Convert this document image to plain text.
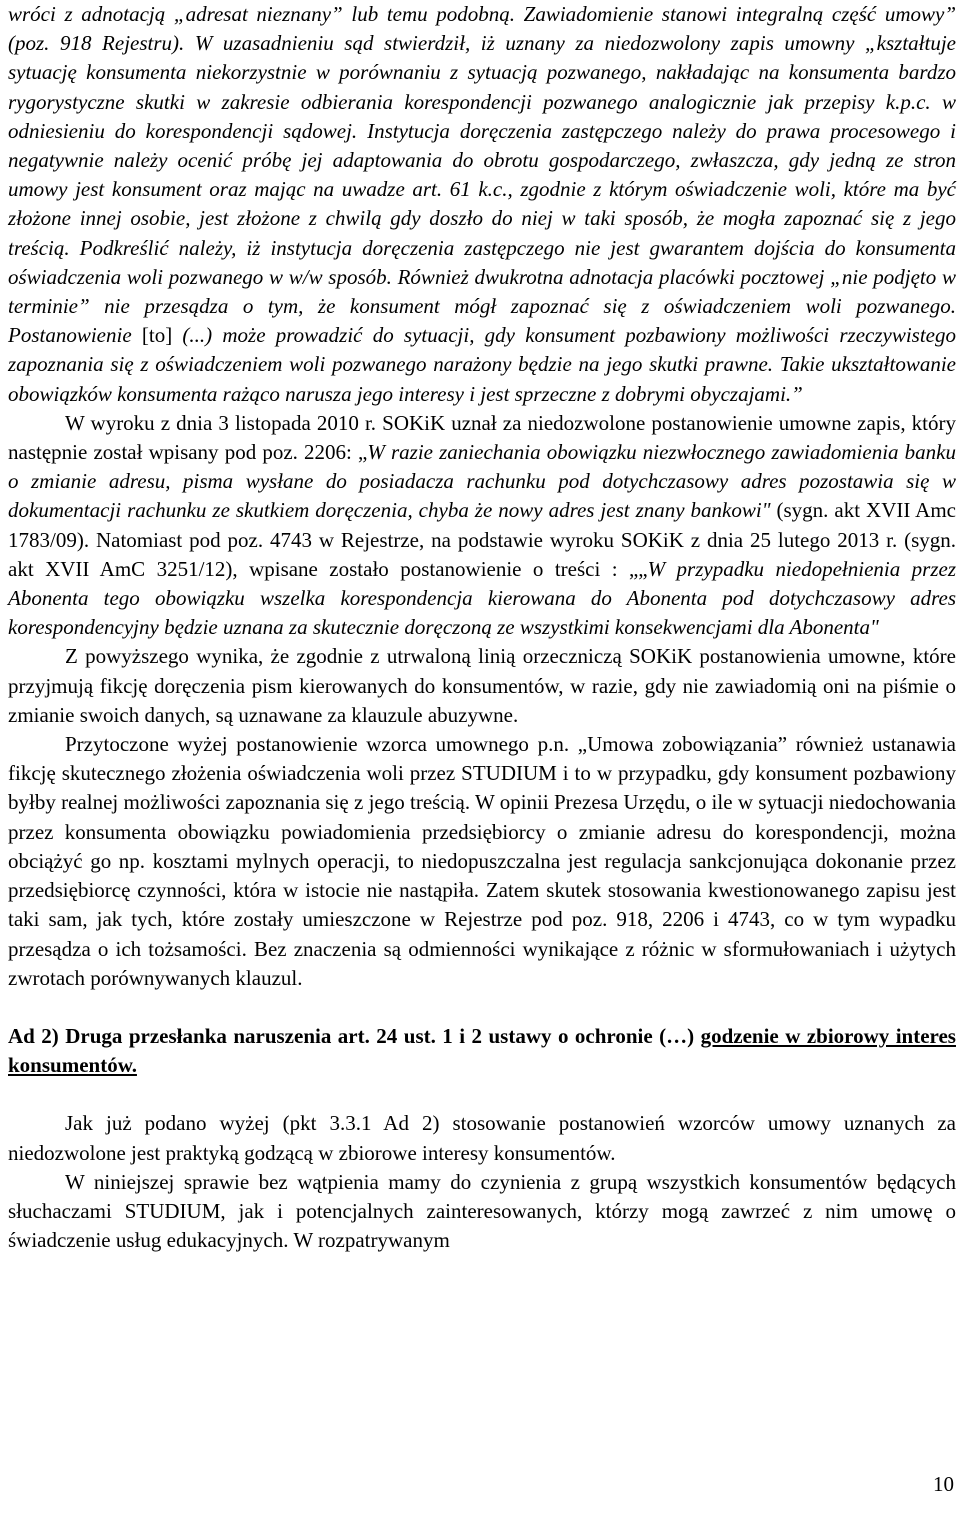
wróci z adnotacją „adresat nieznany” lub temu podobną. Zawiadomienie stanowi integralną część umowy” (poz. 918 Rejestru). W uzasadnieniu sąd stwierdził, iż uznany za niedozwolony zapis umowny „kształtuje sytuację konsumenta niekorzystnie w porównaniu z sytuacją pozwanego, nakładając na konsumenta bardzo rygorystyczne skutki w zakresie odbierania korespondencji pozwanego analogicznie jak przepisy k.p.c. w odniesieniu do korespondencji sądowej. Instytucja doręczenia zastępczego należy do prawa procesowego i negatywnie należy ocenić próbę jej adaptowania do obrotu gospodarczego, zwłaszcza, gdy jedną ze stron umowy jest konsument oraz mając na uwadze art. 61 k.c., zgodnie z którym oświadczenie woli, które ma być złożone innej osobie, jest złożone z chwilą gdy doszło do niej w taki sposób, że mogła zapoznać się z jego treścią. Podkreślić należy, iż instytucja doręczenia zastępczego nie jest gwarantem dojścia do konsumenta oświadczenia woli pozwanego w w/w sposób. Również dwukrotna adnotacja placówki pocztowej „nie podjęto w terminie” nie przesądza o tym, że konsument mógł zapoznać się z oświadczeniem woli pozwanego. Postanowienie [to] (...) może prowadzić do sytuacji, gdy konsument pozbawiony możliwości rzeczywistego zapoznania się z oświadczeniem woli pozwanego narażony będzie na jego skutki prawne. Takie ukształtowanie obowiązków konsumenta rażąco narusza jego interesy i jest sprzeczne z dobrymi obyczajami.”

W wyroku z dnia 3 listopada 2010 r. SOKiK uznał za niedozwolone postanowienie umowne zapis, który następnie został wpisany pod poz. 2206: „W razie zaniechania obowiązku niezwłocznego zawiadomienia banku o zmianie adresu, pisma wysłane do posiadacza rachunku pod dotychczasowy adres pozostawia się w dokumentacji rachunku ze skutkiem doręczenia, chyba że nowy adres jest znany bankowi" (sygn. akt XVII Amc 1783/09). Natomiast pod poz. 4743 w Rejestrze, na podstawie wyroku SOKiK z dnia 25 lutego 2013 r. (sygn. akt XVII AmC 3251/12), wpisane zostało postanowienie o treści : „„W przypadku niedopełnienia przez Abonenta tego obowiązku wszelka korespondencja kierowana do Abonenta pod dotychczasowy adres korespondencyjny będzie uznana za skutecznie doręczoną ze wszystkimi konsekwencjami dla Abonenta"

Z powyższego wynika, że zgodnie z utrwaloną linią orzeczniczą SOKiK postanowienia umowne, które przyjmują fikcję doręczenia pism kierowanych do konsumentów, w razie, gdy nie zawiadomią oni na piśmie o zmianie swoich danych, są uznawane za klauzule abuzywne.

Przytoczone wyżej postanowienie wzorca umownego p.n. „Umowa zobowiązania” również ustanawia fikcję skutecznego złożenia oświadczenia woli przez STUDIUM i to w przypadku, gdy konsument pozbawiony byłby realnej możliwości zapoznania się z jego treścią. W opinii Prezesa Urzędu, o ile w sytuacji niedochowania przez konsumenta obowiązku powiadomienia przedsiębiorcy o zmianie adresu do korespondencji, można obciążyć go np. kosztami mylnych operacji, to niedopuszczalna jest regulacja sankcjonująca dokonanie przez przedsiębiorcę czynności, która w istocie nie nastąpiła. Zatem skutek stosowania kwestionowanego zapisu jest taki sam, jak tych, które zostały umieszczone w Rejestrze pod poz. 918, 2206 i 4743, co w tym wypadku przesądza o ich tożsamości. Bez znaczenia są odmienności wynikające z różnic w sformułowaniach i użytych zwrotach porównywanych klauzul.

Ad 2) Druga przesłanka naruszenia art. 24 ust. 1 i 2 ustawy o ochronie (…) godzenie w zbiorowy interes konsumentów.

Jak już podano wyżej (pkt 3.3.1 Ad 2) stosowanie postanowień wzorców umowy uznanych za niedozwolone jest praktyką godzącą w zbiorowe interesy konsumentów.

W niniejszej sprawie bez wątpienia mamy do czynienia z grupą wszystkich konsumentów będących słuchaczami STUDIUM, jak i potencjalnych zainteresowanych, którzy mogą zawrzeć z nim umowę o świadczenie usług edukacyjnych. W rozpatrywanym

10
